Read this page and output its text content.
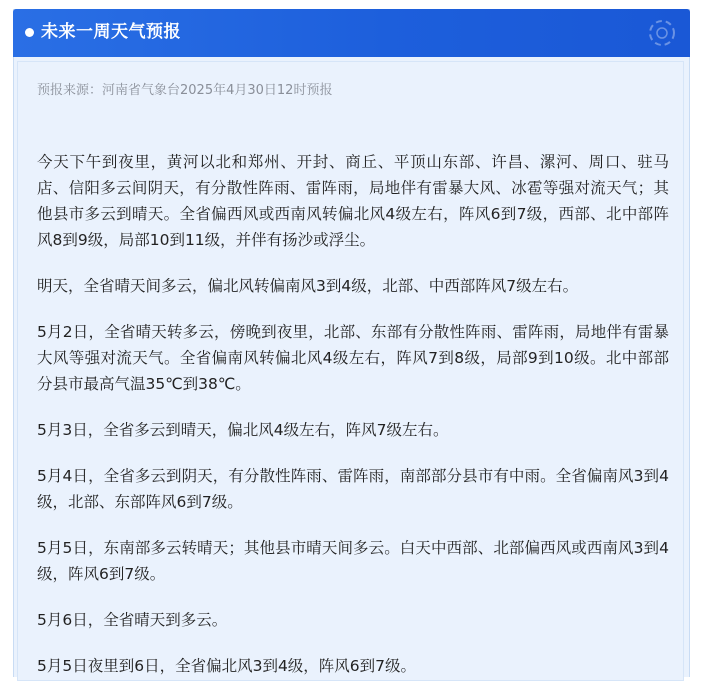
未来一周天气预报
预报来源：河南省气象台2025年4月30日12时预报

今天下午到夜里，黄河以北和郑州、开封、商丘、平顶山东部、许昌、漯河、周口、驻马店、信阳多云间阴天，有分散性阵雨、雷阵雨，局地伴有雷暴大风、冰雹等强对流天气；其他县市多云到晴天。全省偏西风或西南风转偏北风4级左右，阵风6到7级，西部、北中部阵风8到9级，局部10到11级，并伴有扬沙或浮尘。

明天，全省晴天间多云，偏北风转偏南风3到4级，北部、中西部阵风7级左右。

5月2日，全省晴天转多云，傍晚到夜里，北部、东部有分散性阵雨、雷阵雨，局地伴有雷暴大风等强对流天气。全省偏南风转偏北风4级左右，阵风7到8级，局部9到10级。北中部部分县市最高气温35℃到38℃。

5月3日，全省多云到晴天，偏北风4级左右，阵风7级左右。

5月4日，全省多云到阴天，有分散性阵雨、雷阵雨，南部部分县市有中雨。全省偏南风3到4级，北部、东部阵风6到7级。

5月5日，东南部多云转晴天；其他县市晴天间多云。白天中西部、北部偏西风或西南风3到4级，阵风6到7级。

5月6日，全省晴天到多云。

5月5日夜里到6日，全省偏北风3到4级，阵风6到7级。
